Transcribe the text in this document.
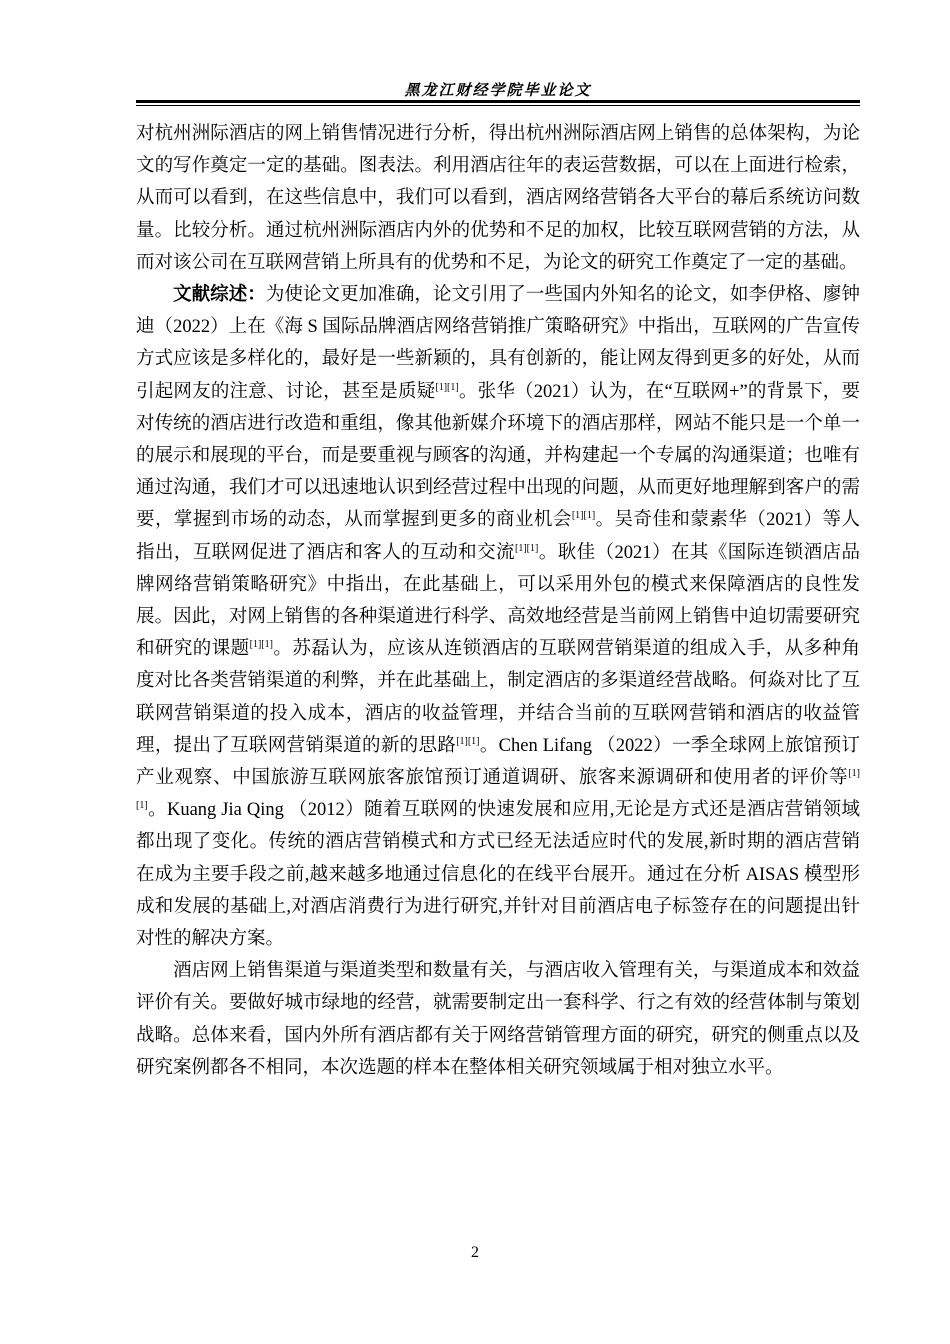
黑龙江财经学院毕业论文

对杭州洲际酒店的网上销售情况进行分析，得出杭州洲际酒店网上销售的总体架构，为论文的写作奠定一定的基础。图表法。利用酒店往年的表运营数据，可以在上面进行检索，从而可以看到，在这些信息中，我们可以看到，酒店网络营销各大平台的幕后系统访问数量。比较分析。通过杭州洲际酒店内外的优势和不足的加权，比较互联网营销的方法，从而对该公司在互联网营销上所具有的优势和不足，为论文的研究工作奠定了一定的基础。

文献综述：为使论文更加准确，论文引用了一些国内外知名的论文，如李伊格、廖钟迪（2022）上在《海 S 国际品牌酒店网络营销推广策略研究》中指出，互联网的广告宣传方式应该是多样化的，最好是一些新颖的，具有创新的，能让网友得到更多的好处，从而引起网友的注意、讨论，甚至是质疑[1][1]。张华（2021）认为，在“互联网+”的背景下，要对传统的酒店进行改造和重组，像其他新媒介环境下的酒店那样，网站不能只是一个单一的展示和展现的平台，而是要重视与顾客的沟通，并构建起一个专属的沟通渠道；也唯有通过沟通，我们才可以迅速地认识到经营过程中出现的问题，从而更好地理解到客户的需要，掌握到市场的动态，从而掌握到更多的商业机会[1][1]。吴奇佳和蒙素华（2021）等人指出，互联网促进了酒店和客人的互动和交流[1][1]。耿佳（2021）在其《国际连锁酒店品牌网络营销策略研究》中指出，在此基础上，可以采用外包的模式来保障酒店的良性发展。因此，对网上销售的各种渠道进行科学、高效地经营是当前网上销售中迫切需要研究和研究的课题[1][1]。苏磊认为，应该从连锁酒店的互联网营销渠道的组成入手，从多种角度对比各类营销渠道的利弊，并在此基础上，制定酒店的多渠道经营战略。何焱对比了互联网营销渠道的投入成本，酒店的收益管理，并结合当前的互联网营销和酒店的收益管理，提出了互联网营销渠道的新的思路[1][1]。Chen Lifang （2022）一季全球网上旅馆预订产业观察、中国旅游互联网旅客旅馆预订通道调研、旅客来源调研和使用者的评价等[1][1]。Kuang Jia Qing （2012）随着互联网的快速发展和应用,无论是方式还是酒店营销领域都出现了变化。传统的酒店营销模式和方式已经无法适应时代的发展,新时期的酒店营销在成为主要手段之前,越来越多地通过信息化的在线平台展开。通过在分析 AISAS 模型形成和发展的基础上,对酒店消费行为进行研究,并针对目前酒店电子标签存在的问题提出针对性的解决方案。

酒店网上销售渠道与渠道类型和数量有关，与酒店收入管理有关，与渠道成本和效益评价有关。要做好城市绿地的经营，就需要制定出一套科学、行之有效的经营体制与策划战略。总体来看，国内外所有酒店都有关于网络营销管理方面的研究，研究的侧重点以及研究案例都各不相同，本次选题的样本在整体相关研究领域属于相对独立水平。

2
